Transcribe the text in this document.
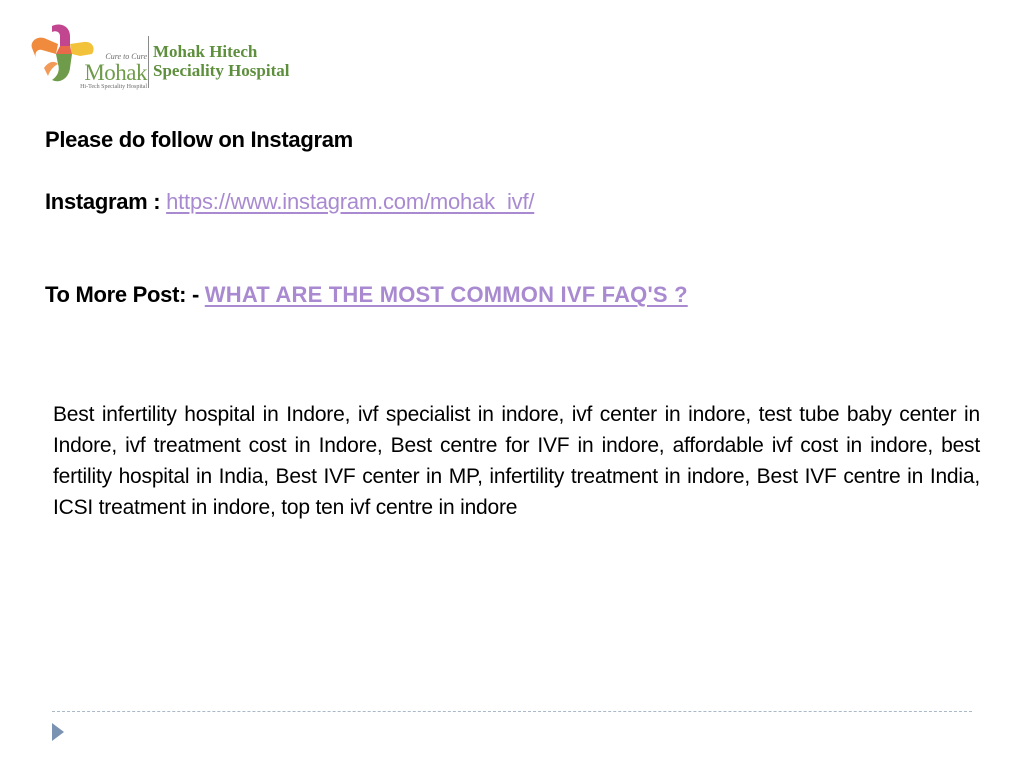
Cure to Cure
Mohak
Hi-Tech Speciality Hospital
Mohak Hitech
Speciality Hospital
Please do follow on Instagram
Instagram : https://www.instagram.com/mohak_ivf/
To More Post: - WHAT ARE THE MOST COMMON IVF FAQ'S ?

Best infertility hospital in Indore, ivf specialist in indore, ivf center in indore, test tube baby center in Indore, ivf treatment cost in Indore, Best centre for IVF in indore, affordable ivf cost in indore, best fertility hospital in India, Best IVF center in MP, infertility treatment in indore, Best IVF centre in India, ICSI treatment in indore, top ten ivf centre in indore
